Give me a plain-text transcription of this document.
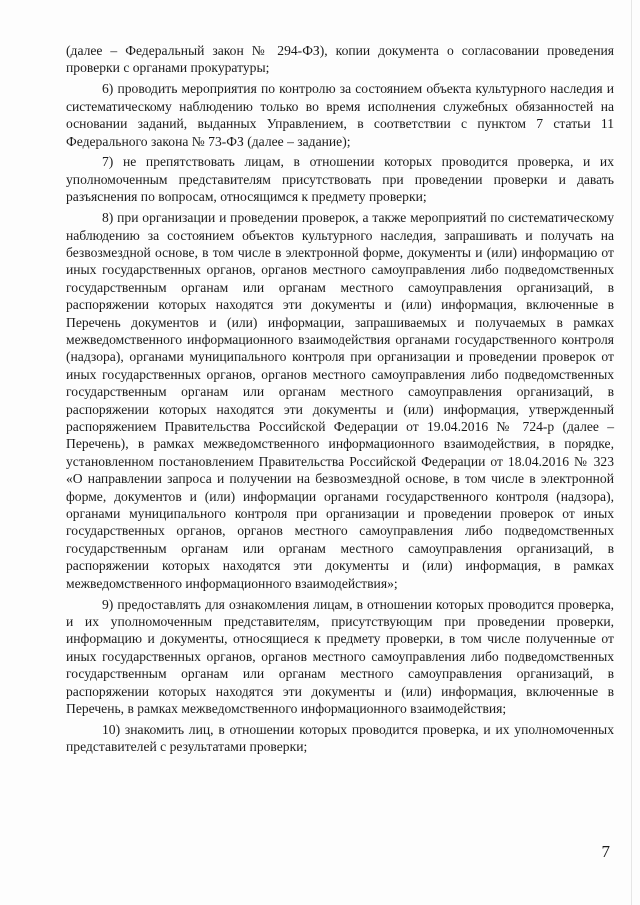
(далее – Федеральный закон № 294-ФЗ), копии документа о согласовании проведения проверки с органами прокуратуры;

6) проводить мероприятия по контролю за состоянием объекта культурного наследия и систематическому наблюдению только во время исполнения служебных обязанностей на основании заданий, выданных Управлением, в соответствии с пунктом 7 статьи 11 Федерального закона № 73-ФЗ (далее – задание);

7) не препятствовать лицам, в отношении которых проводится проверка, и их уполномоченным представителям присутствовать при проведении проверки и давать разъяснения по вопросам, относящимся к предмету проверки;

8) при организации и проведении проверок, а также мероприятий по систематическому наблюдению за состоянием объектов культурного наследия, запрашивать и получать на безвозмездной основе, в том числе в электронной форме, документы и (или) информацию от иных государственных органов, органов местного самоуправления либо подведомственных государственным органам или органам местного самоуправления организаций, в распоряжении которых находятся эти документы и (или) информация, включенные в Перечень документов и (или) информации, запрашиваемых и получаемых в рамках межведомственного информационного взаимодействия органами государственного контроля (надзора), органами муниципального контроля при организации и проведении проверок от иных государственных органов, органов местного самоуправления либо подведомственных государственным органам или органам местного самоуправления организаций, в распоряжении которых находятся эти документы и (или) информация, утвержденный распоряжением Правительства Российской Федерации от 19.04.2016 № 724-р (далее – Перечень), в рамках межведомственного информационного взаимодействия, в порядке, установленном постановлением Правительства Российской Федерации от 18.04.2016 № 323 «О направлении запроса и получении на безвозмездной основе, в том числе в электронной форме, документов и (или) информации органами государственного контроля (надзора), органами муниципального контроля при организации и проведении проверок от иных государственных органов, органов местного самоуправления либо подведомственных государственным органам или органам местного самоуправления организаций, в распоряжении которых находятся эти документы и (или) информация, в рамках межведомственного информационного взаимодействия»;

9) предоставлять для ознакомления лицам, в отношении которых проводится проверка, и их уполномоченным представителям, присутствующим при проведении проверки, информацию и документы, относящиеся к предмету проверки, в том числе полученные от иных государственных органов, органов местного самоуправления либо подведомственных государственным органам или органам местного самоуправления организаций, в распоряжении которых находятся эти документы и (или) информация, включенные в Перечень, в рамках межведомственного информационного взаимодействия;

10) знакомить лиц, в отношении которых проводится проверка, и их уполномоченных представителей с результатами проверки;

7
